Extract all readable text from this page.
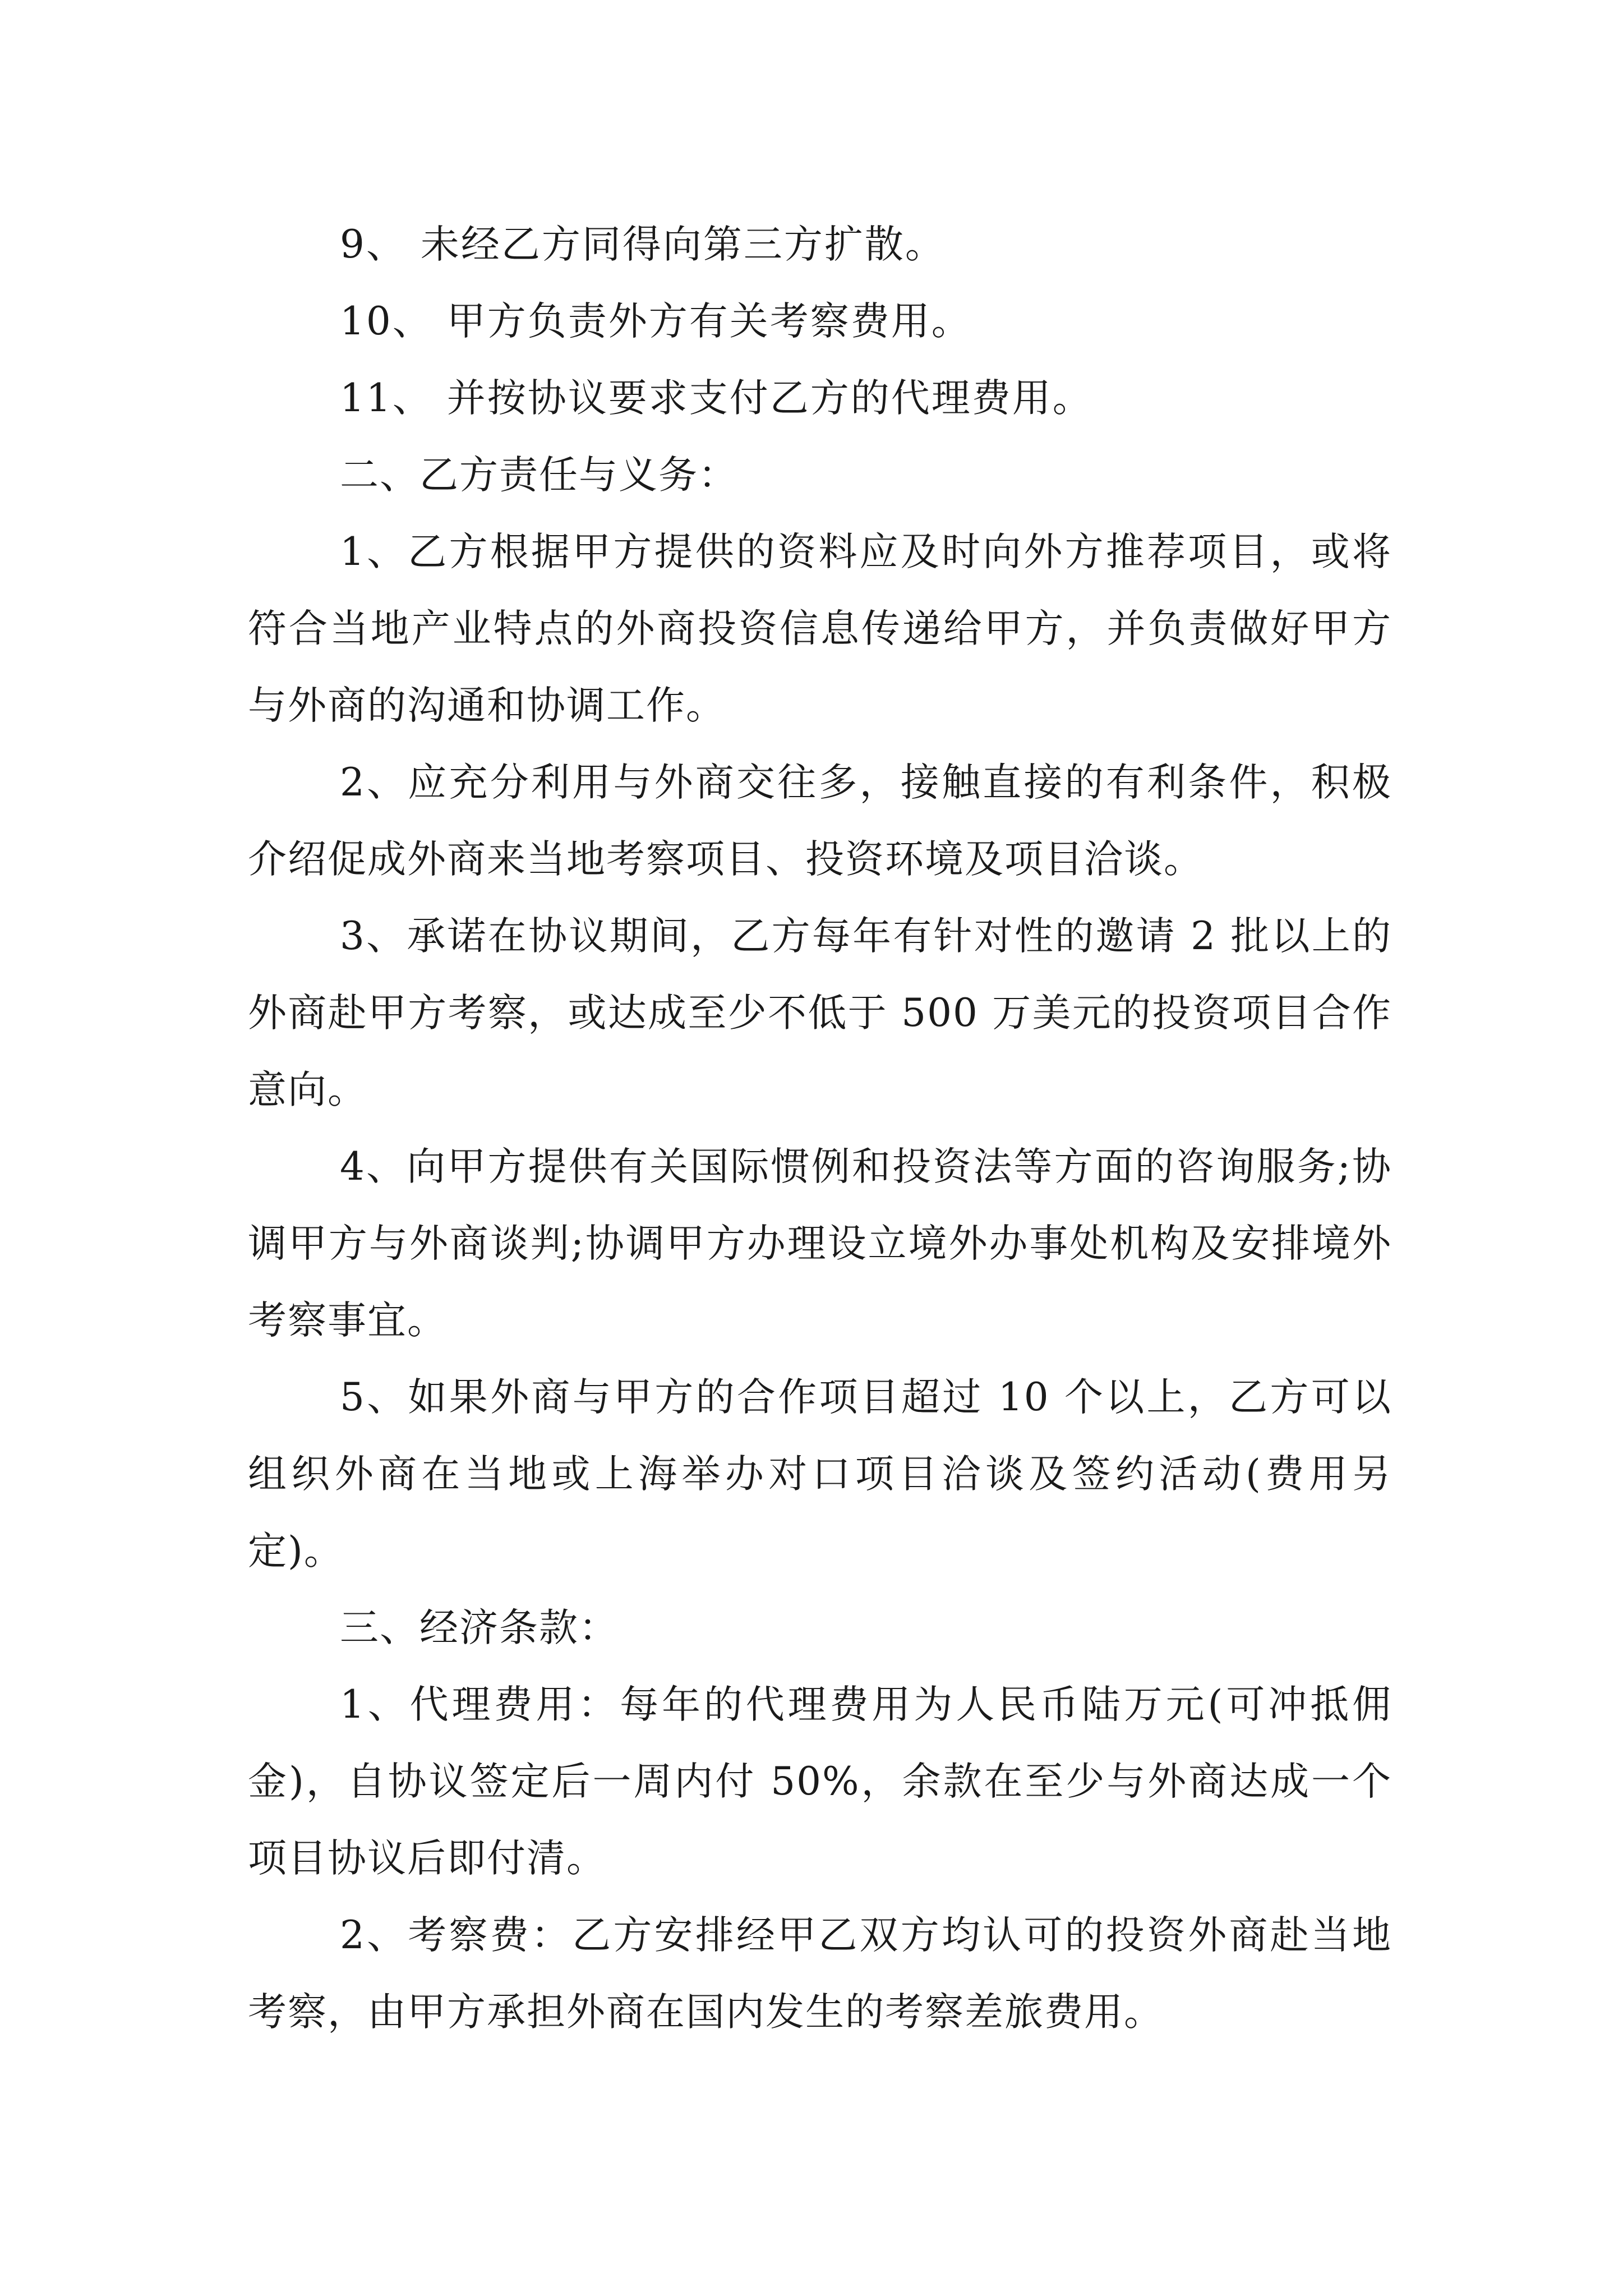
9、 未经乙方同得向第三方扩散。

10、 甲方负责外方有关考察费用。

11、 并按协议要求支付乙方的代理费用。

二、乙方责任与义务：

1、乙方根据甲方提供的资料应及时向外方推荐项目，或将符合当地产业特点的外商投资信息传递给甲方，并负责做好甲方与外商的沟通和协调工作。

2、应充分利用与外商交往多，接触直接的有利条件，积极介绍促成外商来当地考察项目、投资环境及项目洽谈。

3、承诺在协议期间，乙方每年有针对性的邀请 2 批以上的外商赴甲方考察，或达成至少不低于 500 万美元的投资项目合作意向。

4、向甲方提供有关国际惯例和投资法等方面的咨询服务;协调甲方与外商谈判;协调甲方办理设立境外办事处机构及安排境外考察事宜。

5、如果外商与甲方的合作项目超过 10 个以上，乙方可以组织外商在当地或上海举办对口项目洽谈及签约活动(费用另定)。

三、经济条款：

1、代理费用：每年的代理费用为人民币陆万元(可冲抵佣金)，自协议签定后一周内付 50%，余款在至少与外商达成一个项目协议后即付清。

2、考察费：乙方安排经甲乙双方均认可的投资外商赴当地考察，由甲方承担外商在国内发生的考察差旅费用。
